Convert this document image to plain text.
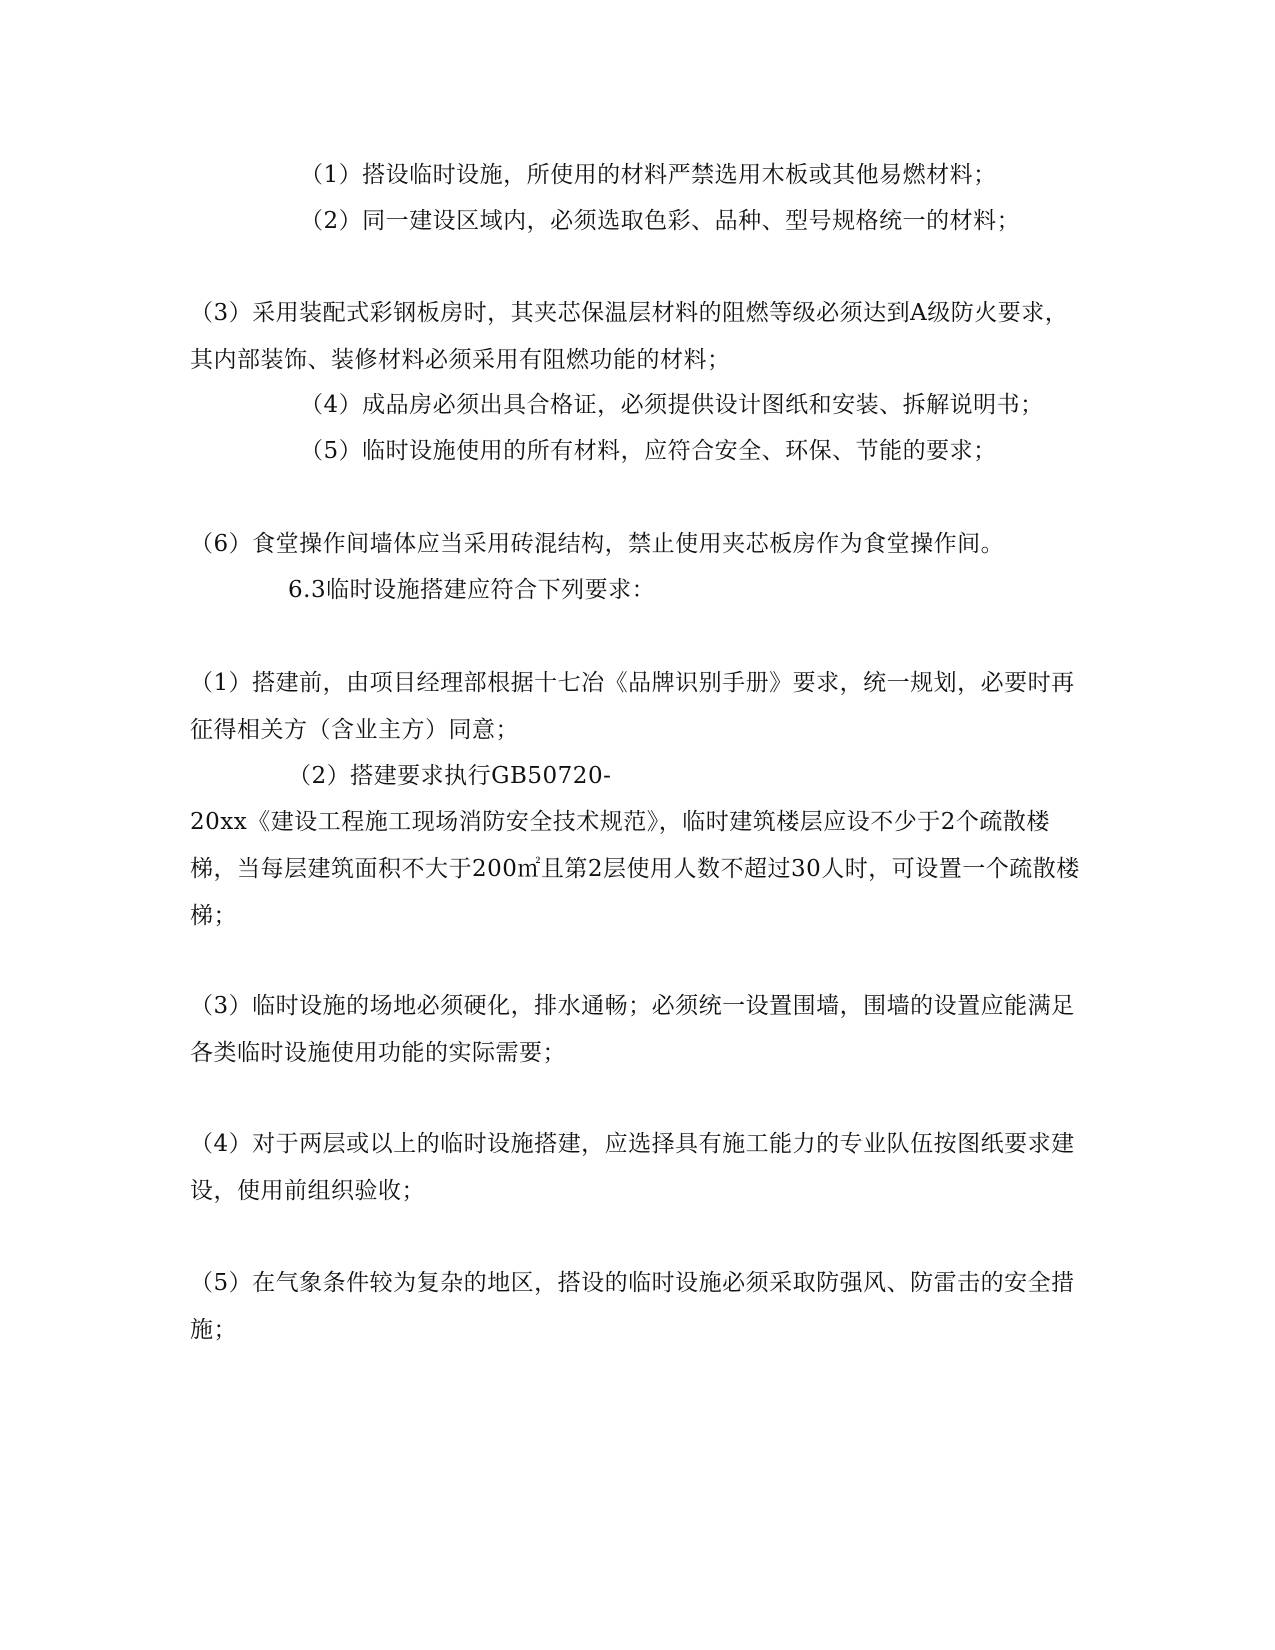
（1）搭设临时设施，所使用的材料严禁选用木板或其他易燃材料；

（2）同一建设区域内，必须选取色彩、品种、型号规格统一的材料；

（3）采用装配式彩钢板房时，其夹芯保温层材料的阻燃等级必须达到A级防火要求，其内部装饰、装修材料必须采用有阻燃功能的材料；

（4）成品房必须出具合格证，必须提供设计图纸和安装、拆解说明书；

（5）临时设施使用的所有材料，应符合安全、环保、节能的要求；

（6）食堂操作间墙体应当采用砖混结构，禁止使用夹芯板房作为食堂操作间。

6.3临时设施搭建应符合下列要求：

（1）搭建前，由项目经理部根据十七冶《品牌识别手册》要求，统一规划，必要时再征得相关方（含业主方）同意；

（2）搭建要求执行GB50720-

20xx《建设工程施工现场消防安全技术规范》，临时建筑楼层应设不少于2个疏散楼梯，当每层建筑面积不大于200㎡且第2层使用人数不超过30人时，可设置一个疏散楼梯；

（3）临时设施的场地必须硬化，排水通畅；必须统一设置围墙，围墙的设置应能满足各类临时设施使用功能的实际需要；

（4）对于两层或以上的临时设施搭建，应选择具有施工能力的专业队伍按图纸要求建设，使用前组织验收；

（5）在气象条件较为复杂的地区，搭设的临时设施必须采取防强风、防雷击的安全措施；
